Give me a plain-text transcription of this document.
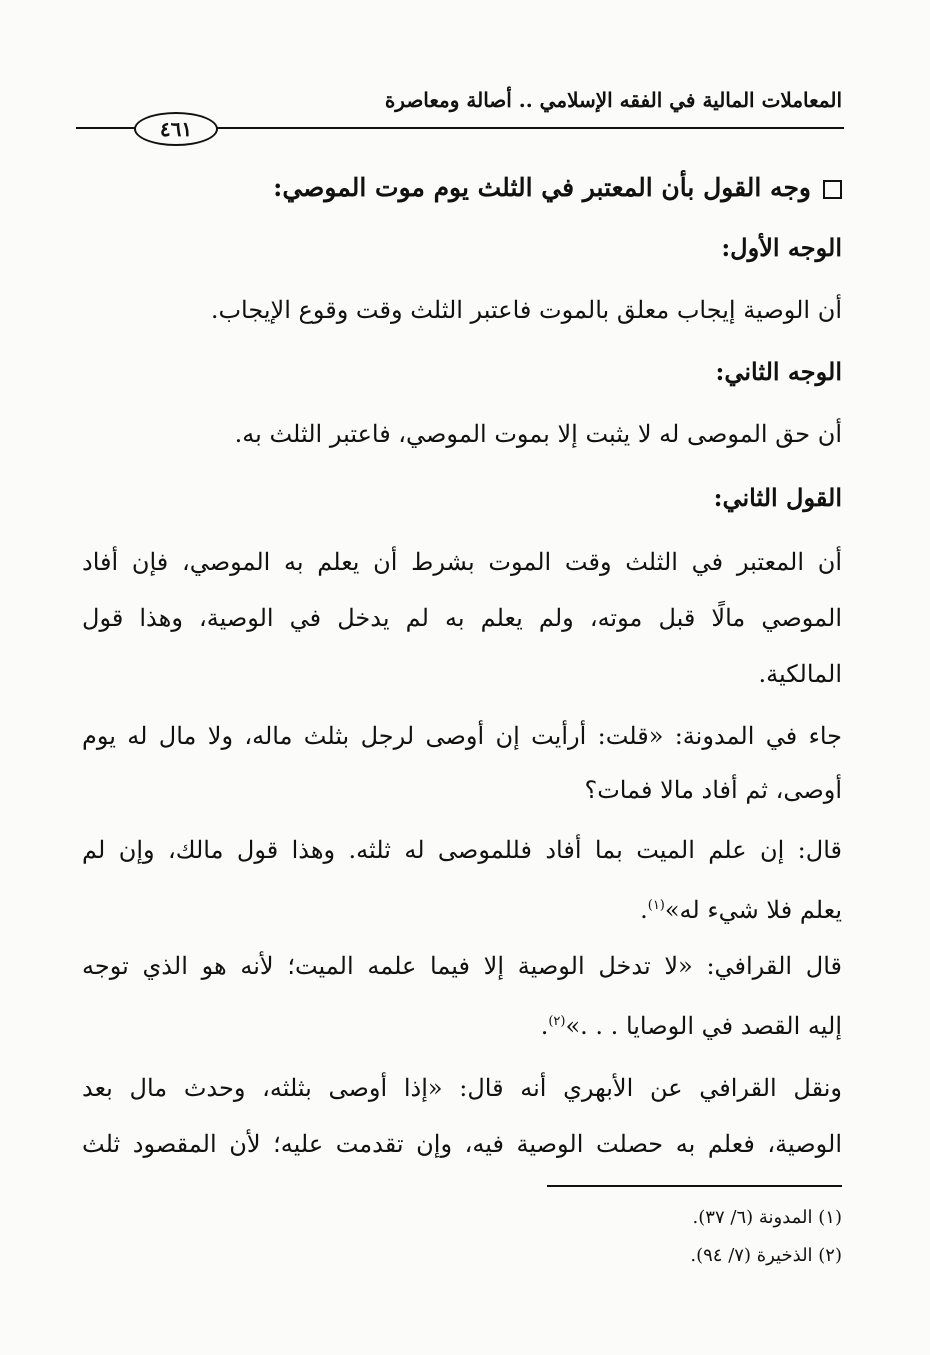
المعاملات المالية في الفقه الإسلامي .. أصالة ومعاصرة
٤٦١
وجه القول بأن المعتبر في الثلث يوم موت الموصي:
الوجه الأول:
أن الوصية إيجاب معلق بالموت فاعتبر الثلث وقت وقوع الإيجاب.
الوجه الثاني:
أن حق الموصى له لا يثبت إلا بموت الموصي، فاعتبر الثلث به.
القول الثاني:
أن المعتبر في الثلث وقت الموت بشرط أن يعلم به الموصي، فإن أفاد
الموصي مالًا قبل موته، ولم يعلم به لم يدخل في الوصية، وهذا قول
المالكية.
جاء في المدونة: «قلت: أرأيت إن أوصى لرجل بثلث ماله، ولا مال له يوم
أوصى، ثم أفاد مالا فمات؟
قال: إن علم الميت بما أفاد فللموصى له ثلثه. وهذا قول مالك، وإن لم
يعلم فلا شيء له»$^{(١)}$.
قال القرافي: «لا تدخل الوصية إلا فيما علمه الميت؛ لأنه هو الذي توجه
إليه القصد في الوصايا . . .»$^{(٢)}$.
ونقل القرافي عن الأبهري أنه قال: «إذا أوصى بثلثه، وحدث مال بعد
الوصية، فعلم به حصلت الوصية فيه، وإن تقدمت عليه؛ لأن المقصود ثلث
(١) المدونة (٦/ ٣٧).
(٢) الذخيرة (٧/ ٩٤).
